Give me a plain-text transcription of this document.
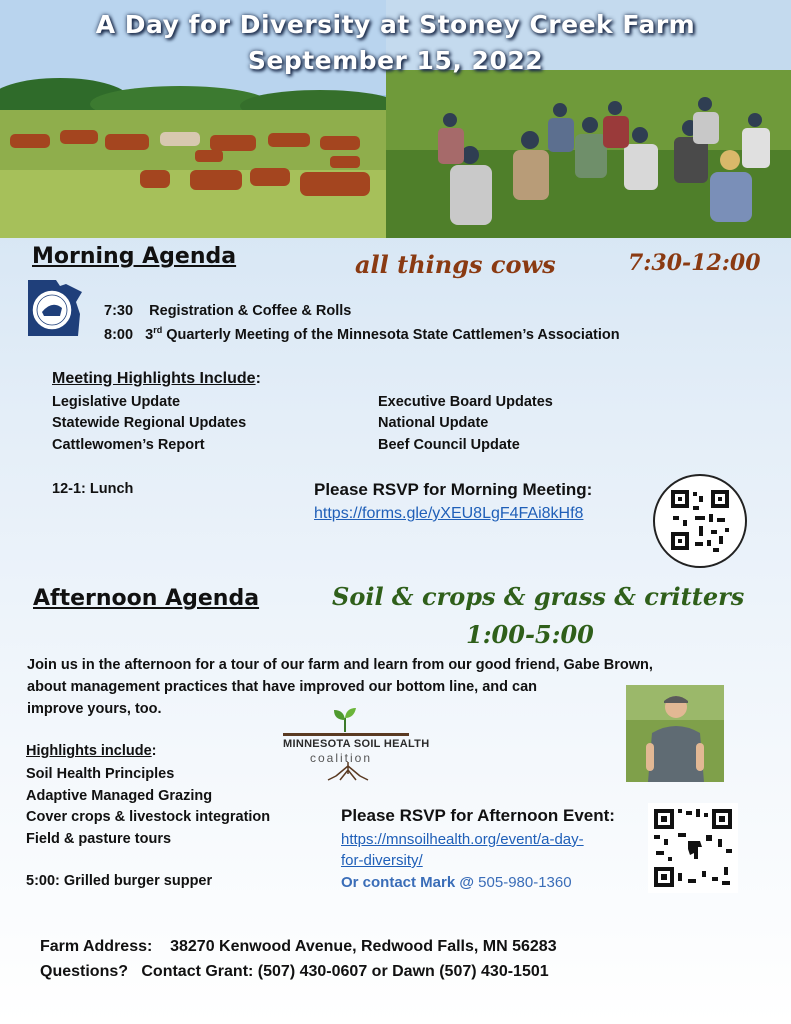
A Day for Diversity at Stoney Creek Farm
September 15, 2022
Morning Agenda	all things cows	7:30-12:00
7:30 Registration & Coffee & Rolls
8:00 3rd Quarterly Meeting of the Minnesota State Cattlemen’s Association
Meeting Highlights Include:
Legislative Update
Statewide Regional Updates
Cattlewomen’s Report
Executive Board Updates
National Update
Beef Council Update
12-1: Lunch	Please RSVP for Morning Meeting:
https://forms.gle/yXEU8LgF4FAi8kHf8
Afternoon Agenda	Soil & crops & grass & critters
1:00-5:00
Join us in the afternoon for a tour of our farm and learn from our good friend, Gabe Brown,
about management practices that have improved our bottom line, and can
improve yours, too.
Highlights include:
Soil Health Principles
Adaptive Managed Grazing
Cover crops & livestock integration
Field & pasture tours
5:00: Grilled burger supper
MINNESOTA SOIL HEALTH
coalition
Please RSVP for Afternoon Event:
https://mnsoilhealth.org/event/a-day-
for-diversity/
Or contact Mark @ 505-980-1360
Farm Address: 38270 Kenwood Avenue, Redwood Falls, MN 56283
Questions? Contact Grant: (507) 430-0607 or Dawn (507) 430-1501
